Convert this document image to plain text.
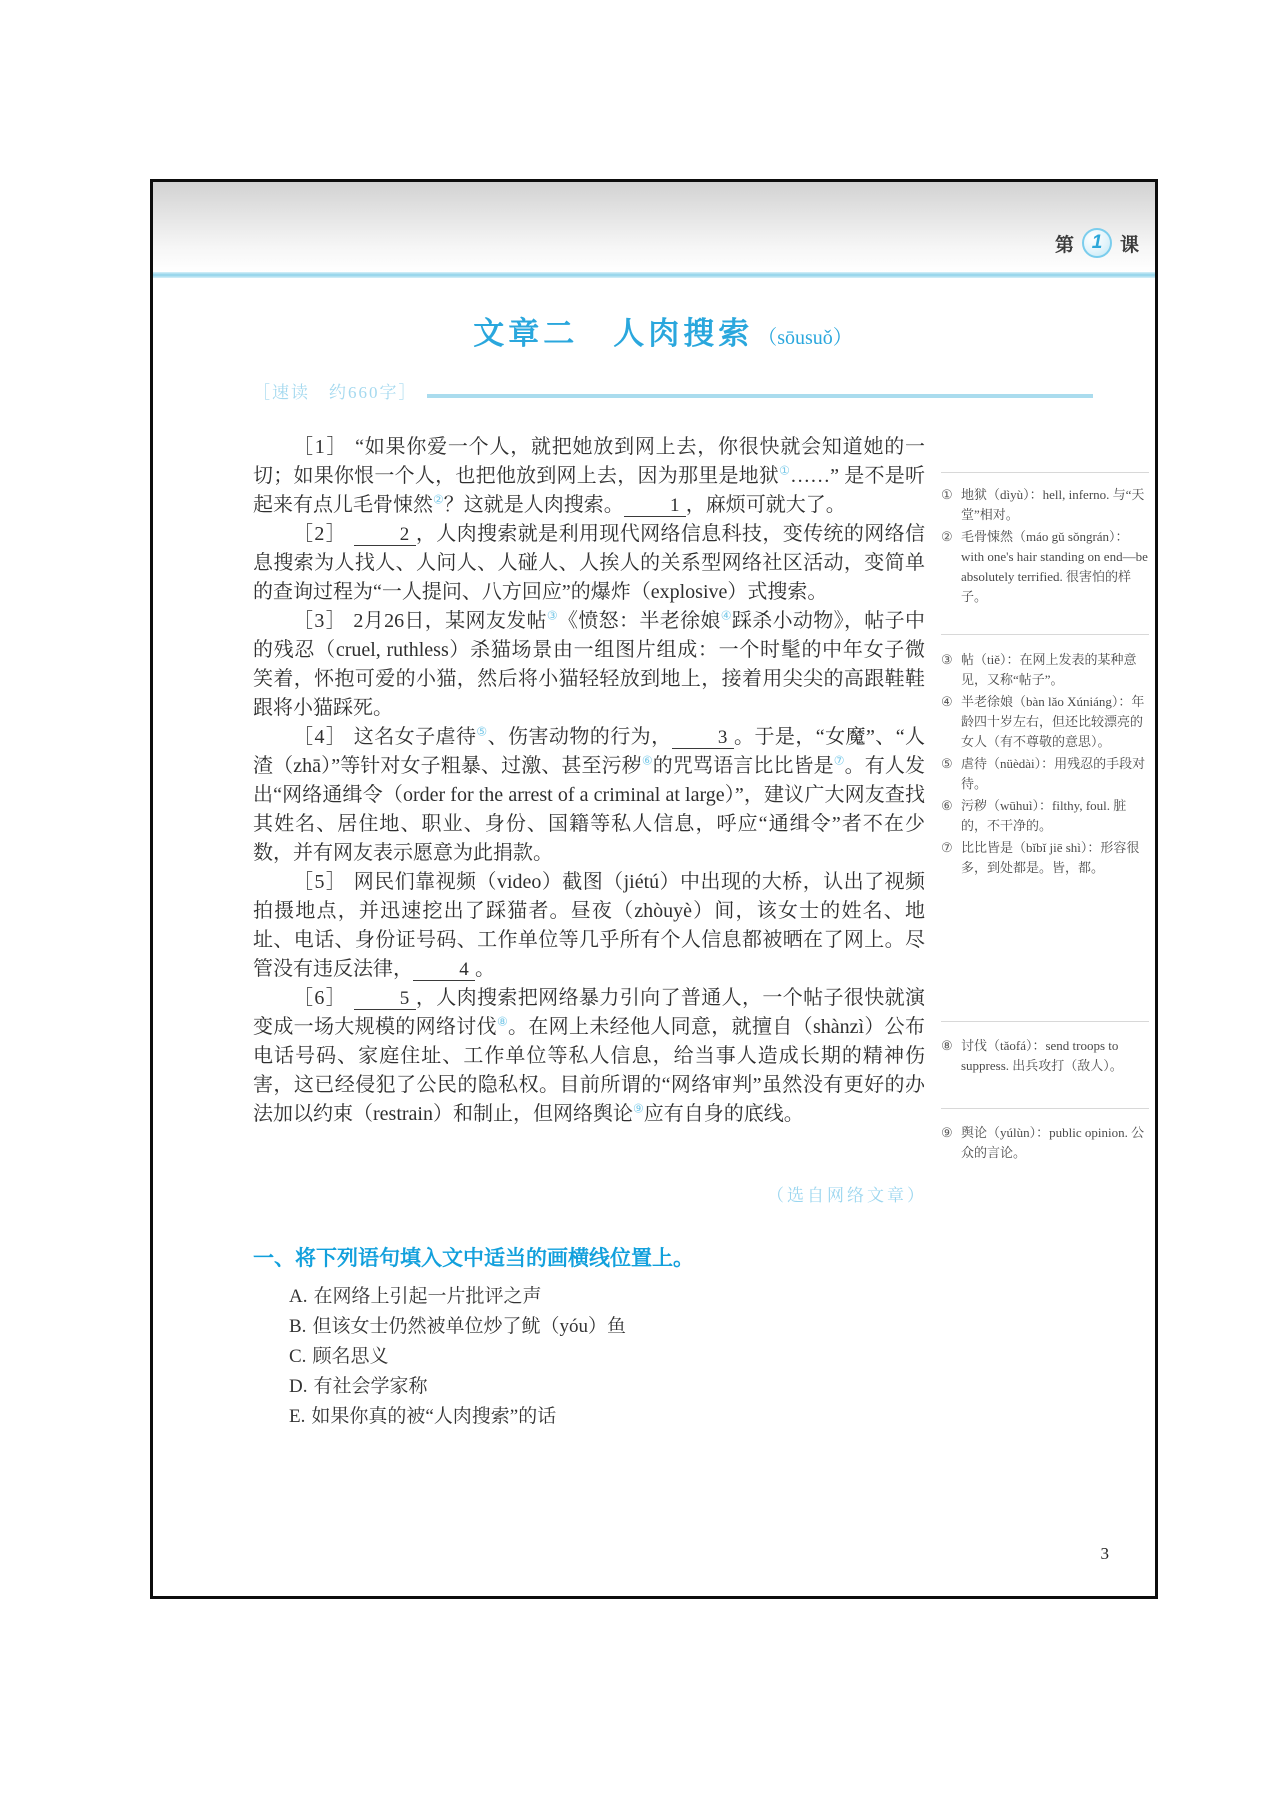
第 1 课
文章二　人肉搜索 （sōusuǒ）
［速读　约660字］

［1］ “如果你爱一个人，就把她放到网上去，你很快就会知道她的一切；如果你恨一个人，也把他放到网上去，因为那里是地狱①……” 是不是听起来有点儿毛骨悚然②？这就是人肉搜索。 1 ，麻烦可就大了。

［2］ 2 ，人肉搜索就是利用现代网络信息科技，变传统的网络信息搜索为人找人、人问人、人碰人、人挨人的关系型网络社区活动，变简单的查询过程为“一人提问、八方回应”的爆炸（explosive）式搜索。

［3］ 2月26日，某网友发帖③《愤怒：半老徐娘④踩杀小动物》，帖子中的残忍（cruel, ruthless）杀猫场景由一组图片组成：一个时髦的中年女子微笑着，怀抱可爱的小猫，然后将小猫轻轻放到地上，接着用尖尖的高跟鞋鞋跟将小猫踩死。

［4］ 这名女子虐待⑤、伤害动物的行为， 3 。于是，“女魔”、“人渣（zhā）”等针对女子粗暴、过激、甚至污秽⑥的咒骂语言比比皆是⑦。有人发出“网络通缉令（order for the arrest of a criminal at large）”，建议广大网友查找其姓名、居住地、职业、身份、国籍等私人信息，呼应“通缉令”者不在少数，并有网友表示愿意为此捐款。

［5］ 网民们靠视频（video）截图（jiétú）中出现的大桥，认出了视频拍摄地点，并迅速挖出了踩猫者。昼夜（zhòuyè）间，该女士的姓名、地址、电话、身份证号码、工作单位等几乎所有个人信息都被晒在了网上。尽管没有违反法律， 4 。

［6］ 5 ，人肉搜索把网络暴力引向了普通人，一个帖子很快就演变成一场大规模的网络讨伐⑧。在网上未经他人同意，就擅自（shànzì）公布电话号码、家庭住址、工作单位等私人信息，给当事人造成长期的精神伤害，这已经侵犯了公民的隐私权。目前所谓的“网络审判”虽然没有更好的办法加以约束（restrain）和制止，但网络舆论⑨应有自身的底线。

（选自网络文章）
① 地狱（dìyù）：hell, inferno. 与“天堂”相对。
② 毛骨悚然（máo gǔ sǒngrán）：with one's hair standing on end—be absolutely terrified. 很害怕的样子。
③ 帖（tiě）：在网上发表的某种意见，又称“帖子”。
④ 半老徐娘（bàn lǎo Xúniáng）：年龄四十岁左右，但还比较漂亮的女人（有不尊敬的意思）。
⑤ 虐待（nüèdài）：用残忍的手段对待。
⑥ 污秽（wūhuì）：filthy, foul. 脏的，不干净的。
⑦ 比比皆是（bǐbǐ jiē shì）：形容很多，到处都是。皆，都。
⑧ 讨伐（tǎofá）：send troops to suppress. 出兵攻打（敌人）。
⑨ 舆论（yúlùn）：public opinion. 公众的言论。
一、将下列语句填入文中适当的画横线位置上。
A. 在网络上引起一片批评之声
B. 但该女士仍然被单位炒了鱿（yóu）鱼
C. 顾名思义
D. 有社会学家称
E. 如果你真的被“人肉搜索”的话
3
